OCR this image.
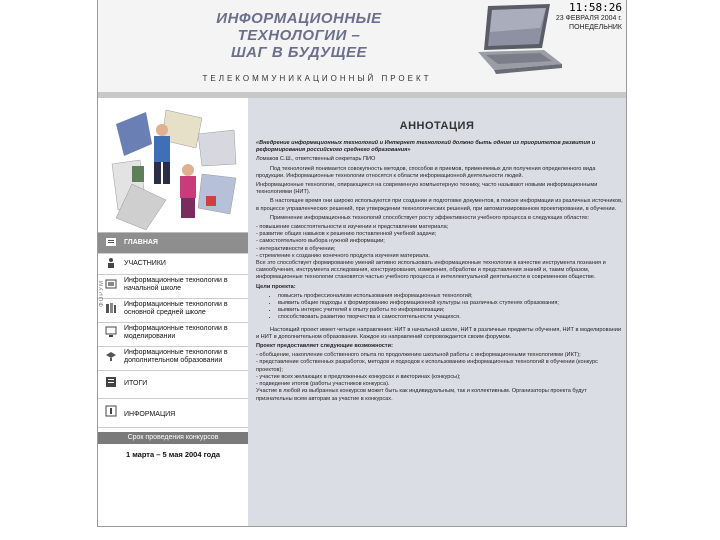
ИНФОРМАЦИОННЫЕ
ТЕХНОЛОГИИ –
ШАГ В БУДУЩЕЕ
ТЕЛЕКОММУНИКАЦИОННЫЙ ПРОЕКТ
11:58:26
23 ФЕВРАЛЯ 2004 г.
ПОНЕДЕЛЬНИК
ГЛАВНАЯ
УЧАСТНИКИ
Информационные технологии в начальной школе
Информационные технологии в основной средней школе
Информационные технологии в моделировании
Информационные технологии в дополнительном образовании
ФОРУМ
ИТОГИ
ИНФОРМАЦИЯ
1 марта – 5 мая 2004 года
Срок проведения конкурсов
АННОТАЦИЯ

«Внедрение информационных технологий и Интернет технологий должно быть одним из приоритетов развития и реформирования российского среднего образования»

Ломаков С.Ш., ответственный секретарь ПИО

Под технологией понимается совокупность методов, способов и приемов, применяемых для получения определенного вида продукции. Информационные технологии относятся к области информационной деятельности людей.

Информационные технологии, опирающиеся на современную компьютерную технику, часто называют новыми информационными технологиями (НИТ).

В настоящее время они широко используются при создании и подготовке документов, в поиске информации из различных источников, в процессе управленческих решений, при утверждении технологических решений, при автоматизированном проектировании, в обучении.

Применение информационных технологий способствует росту эффективности учебного процесса в следующих областях:

- повышение самостоятельности в изучении и представлении материала;
- развитие общих навыков к решению поставленной учебной задачи;
- самостоятельного выбора нужной информации;
- интерактивности в обучении;
- стремление к созданию конечного продукта изучения материала.

Все это способствует формированию умений активно использовать информационные технологии в качестве инструмента познания и самообучения, инструмента исследования, конструирования, измерения, обработки и представления знаний и, таким образом, информационные технологии становятся частью учебного процесса и интеллектуальной деятельности в современном обществе.

Цели проекта:

• повысить профессионализм использования информационных технологий;
• выявить общие подходы к формированию информационной культуры на различных ступенях образования;
• выявить интерес учителей к опыту работы по информатизации;
• способствовать развитию творчества и самостоятельности учащихся.

Настоящий проект имеет четыре направления: НИТ в начальной школе, НИТ в различные предметы обучения, НИТ в моделировании и НИТ в дополнительном образовании. Каждое из направлений сопровождается своим форумом.

Проект предоставляет следующие возможности:

- обобщение, накопление собственного опыта по продолжению школьной работы с информационными технологиями (ИКТ);
- представление собственных разработок, методов и подходов к использованию информационных технологий в обучении (конкурс проектов);
- участие всех желающих в предложенных конкурсах и викторинах (конкурсы);
- подведение итогов (работы участников конкурса).
Участие в любой из выбранных конкурсов может быть как индивидуальным, так и коллективным. Организаторы проекта будут признательны всем авторам за участие в конкурсах.
